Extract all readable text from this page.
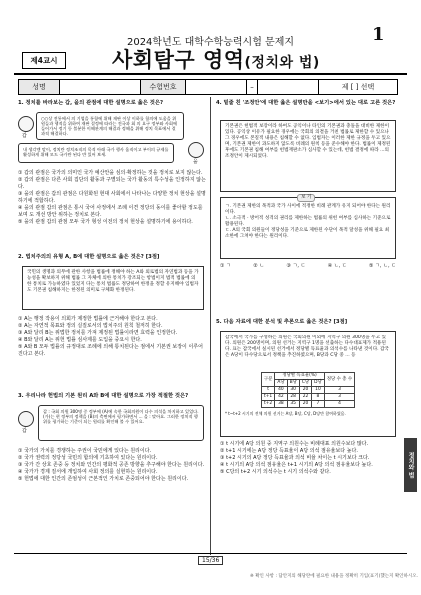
2024학년도 대학수학능력시험 문제지	1
제4교시	사회탐구 영역(정치와 법)
성명	수험번호	–	제 [ ] 선택
1. 정치를 바라보는 갑, 을의 관점에 대한 설명으로 옳은 것은?
갑
○○상 전통에서 의 기업을 통합에 위해 재판 이상 이하를 합의에 도움을 위원들과 행적을 위하여 재판 결정에 따라는 전국과 회 의 요구 정부와 사회에 들어가서 정기 등 불분한 이해관계의 해결과 정해을 위해 정치 목표에서 결과적 해결하다.
내 생각엔 말이, 정치란 정치조직의 목적 아래 국가 행사 움직이고 부이의 규제를 활성하게 위해 모드 국가만 된다 반 있어 보세.
을
① 갑의 관점은 국가의 의미인 국가 예산안을 심의·확정하는 것을 정치로 보지 않는다.
② 갑의 관점은 다른 사회 집단의 활동과 구별되는 국가 활동의 특수성을 인정하지 않는다.
③ 을의 관점은 갑의 관점은 다원화된 현대 사회에서 나타나는 다양한 정치 현상을 설명하기에 적합하다.
④ 을의 관점 갑의 관점은 통시 국어 사정에서 조례 이견 정당의 동이를 좋아할 정도를 보며 도 개선 방안 위하는 정치로 본다.
⑤ 을의 관점 갑의 관점 모두 국가 형성 이전의 정치 현상을 설명하기에 용이하다.
2. 법치주의의 유형 A, B에 대한 설명으로 옳은 것은? [3점]
국민의 생명과 의무에 관한 사항을 법률에 정해야 하는 A와 외로법의 자연법과 등을 가능성을 확보하지 위해 법률 그 자체에 의한 통치가 강조되는 항법이지 법적 법률에 의한 통치로 가능하였다 있었지 다는 통치 법률도 정당하여 한정을 정할 유지해야 입법자도 기본권 침해하지는 한정된 의미로 구체화 한정된다.
① A는 행정 작용이 의회가 제정한 법률에 근거해야 한다고 본다.
② A는 자연적 목표와 정의 실질로서의 법치주의 원칙 철저히 한다.
③ A와 달리 B는 위법한 정치를 가져 제정된 법률이라면 효력을 인정한다.
④ B와 달리 A는 위헌 법률 심사제를 도입을 중요시 한다.
⑤ A와 B 모두 법률의 규정대로 조례에 의해 통치된다는 점에서 기본권 보장이 이루어진다고 본다.
3. 우리나라 헌법의 기본 원리 A와 B에 대한 설명으로 가장 적절한 것은?
갑
갑 : 국회 의원 300명 중 정부에 (A)에 속한 국회의원이 다수 의석을 차지하고 있었다. (가)는 현 정부의 정책을 (B)의 측면에서 평가하면서 ... 을 : 맞아요. 그러한 정치적 행위를 평가하는 기준이 되는 원리를 확인해 볼 수 있어요.
① 국가의 가치를 경쟁하는 주권이 국민에게 있다는 원리이다.
② 국가 권력의 정당성 국민의 합의에 기초하여 있다는 원리이다.
③ 국가 간 상호 존중 등 정치와 인간의 평화적 공존 방향을 추구해야 한다는 원리이다.
④ 국가가 경제 질서에 개입하여 사회 정의를 실현하는 원리이다.
⑤ 헌법에 대한 인간의 존엄성이 근본적인 가치로 존중되어야 한다는 원리이다.
4. 밑줄 친 '조정안'에 대한 옳은 설명만을 <보기>에서 있는 대로 고른 것은?
기본권은 헌법적 보장이라 하여도 공익이나 타인의 기본권과 충돌을 대비한 제한이 있다. 공익상 이유가 필요한 경우에는 국회의 의결을 거친 법률로 제한할 수 있으나 그 경우에도 본질적 내용은 침해할 수 없다. 입법자는 이러한 제한 규정을 두고 있으며, 기본권 제한이 과도하지 않도록 비례의 원칙 등을 준수해야 한다. 법률이 제정된 후에도 기본권 침해 여부를 헌법재판소가 심사할 수 있는데, 헌법 결정에 따라 ...의 조정안이 제시되었다.
보 기
ㄱ. 기본권 제한의 목적과 국가 사이에 적정한 비례 관계가 유지 되어야 한다는 원리이다.
ㄴ. 소극적 · 방어적 성격의 권리를 제한하는 법률의 위헌 여부를 심사하는 기준으로 활용된다.
ㄷ. A의 국회 의원들이 정당성을 기준으로 제한된 수단이 목적 달성을 위해 필요 최소한에 그쳐야 한다는 원리이다.
① ㄱ	② ㄴ	③ ㄱ, ㄷ	④ ㄴ, ㄷ	⑤ ㄱ, ㄴ, ㄷ
5. 다음 자료에 대한 분석 및 추론으로 옳은 것은? [3점]
갑국에서 국가를 구성하는 의원은 국회의원 이외에 지역구 의원 300명을 두고 있다. 의원은 200명이며, 의원 선거는 지역구 1명을 선출하는 다수대표제가 적용된다. 표는 갑국에서 실시된 선거에서 정당별 득표율과 의석수를 나타낸 것이다. 갑국은 A당이 다수당으로서 정책을 추진하였으며, B당과 C당 중 ... 등
구분	정당별 득표율(%)				정당 수 총 수
	A당	B당	C당	D당	
t	40	30	20	10	3
t+1	42	28	22	8	3
t+2	38	35	20	7	4
* t~t+2 시기의 전체 의원 선거는 A당, B당, C당, D당만 참여하였음.
① t 시기에 A당 의원 중 지역구 의원수는 비례대표 의원수보다 많다.
② t+1 시기에는 A당 정당 득표율이 A당 의석 점유율보다 높다.
③ t+2 시기의 A당 정당 득표율과 의석 비율 차이는 t 시기보다 크다.
④ t 시기의 A당 의석 점유율은 t+1 시기의 A당 의석 점유율보다 높다.
⑤ C당의 t+2 시기 의석수는 t 시기 의석수와 같다.	정치와 법
15/36
※ 확인 사항 : 답안지의 해당란에 필요한 내용을 정확히 기입(표기)했는지 확인하시오.
